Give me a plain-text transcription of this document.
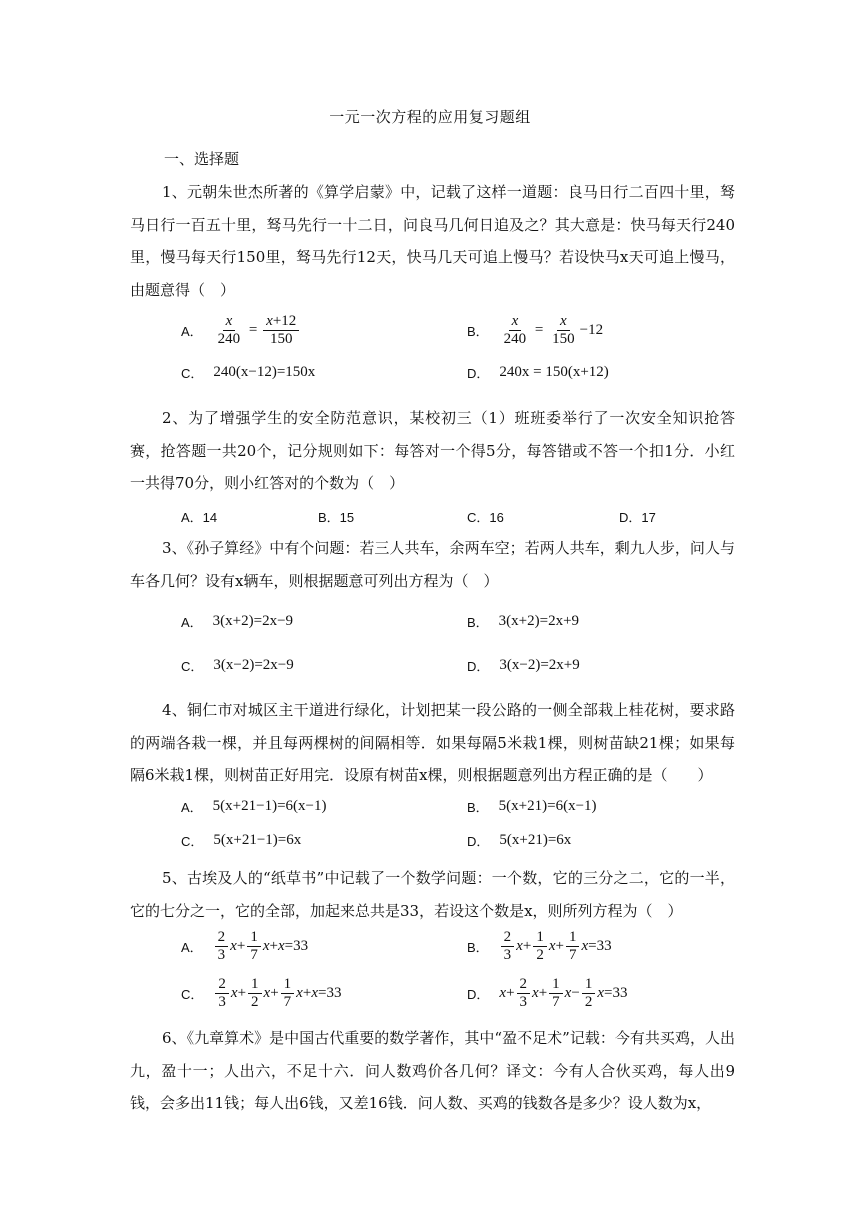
一元一次方程的应用复习题组
一、选择题
1、元朝朱世杰所著的《算学启蒙》中，记载了这样一道题：良马日行二百四十里，驽马日行一百五十里，驽马先行一十二日，问良马几何日追及之？其大意是：快马每天行240里，慢马每天行150里，驽马先行12天，快马几天可追上慢马？若设快马x天可追上慢马，由题意得（　）
A． $\frac{x}{240} = \frac{x+12}{150}$	B． $\frac{x}{240} = \frac{x}{150} -12$
C． 240(x−12)=150x	D． 240x = 150(x+12)
2、为了增强学生的安全防范意识，某校初三（1）班班委举行了一次安全知识抢答赛，抢答题一共20个，记分规则如下：每答对一个得5分，每答错或不答一个扣1分．小红一共得70分，则小红答对的个数为（　）
A．14	B．15	C．16	D．17
3、《孙子算经》中有个问题：若三人共车，余两车空；若两人共车，剩九人步，问人与车各几何？设有x辆车，则根据题意可列出方程为（　）
A． 3(x+2)=2x−9	B． 3(x+2)=2x+9
C． 3(x−2)=2x−9	D． 3(x−2)=2x+9
4、铜仁市对城区主干道进行绿化，计划把某一段公路的一侧全部栽上桂花树，要求路的两端各栽一棵，并且每两棵树的间隔相等．如果每隔5米栽1棵，则树苗缺21棵；如果每隔6米栽1棵，则树苗正好用完．设原有树苗x棵，则根据题意列出方程正确的是（　　）
A． 5(x+21−1)=6(x−1)	B． 5(x+21)=6(x−1)
C． 5(x+21−1)=6x	D． 5(x+21)=6x
5、古埃及人的“纸草书”中记载了一个数学问题：一个数，它的三分之二，它的一半，它的七分之一，它的全部，加起来总共是33，若设这个数是x，则所列方程为（　）
A． $\frac{2}{3} x+ \frac{1}{7} x+x=33$	B． $\frac{2}{3} x+ \frac{1}{2} x+ \frac{1}{7} x=33$
C． $\frac{2}{3} x+ \frac{1}{2} x+ \frac{1}{7} x+x=33$	D． $x+ \frac{2}{3} x+ \frac{1}{7} x- \frac{1}{2} x=33$
6、《九章算术》是中国古代重要的数学著作，其中“盈不足术”记载：今有共买鸡，人出九，盈十一；人出六，不足十六．问人数鸡价各几何？译文：今有人合伙买鸡，每人出9钱，会多出11钱；每人出6钱，又差16钱．问人数、买鸡的钱数各是多少？设人数为x，
